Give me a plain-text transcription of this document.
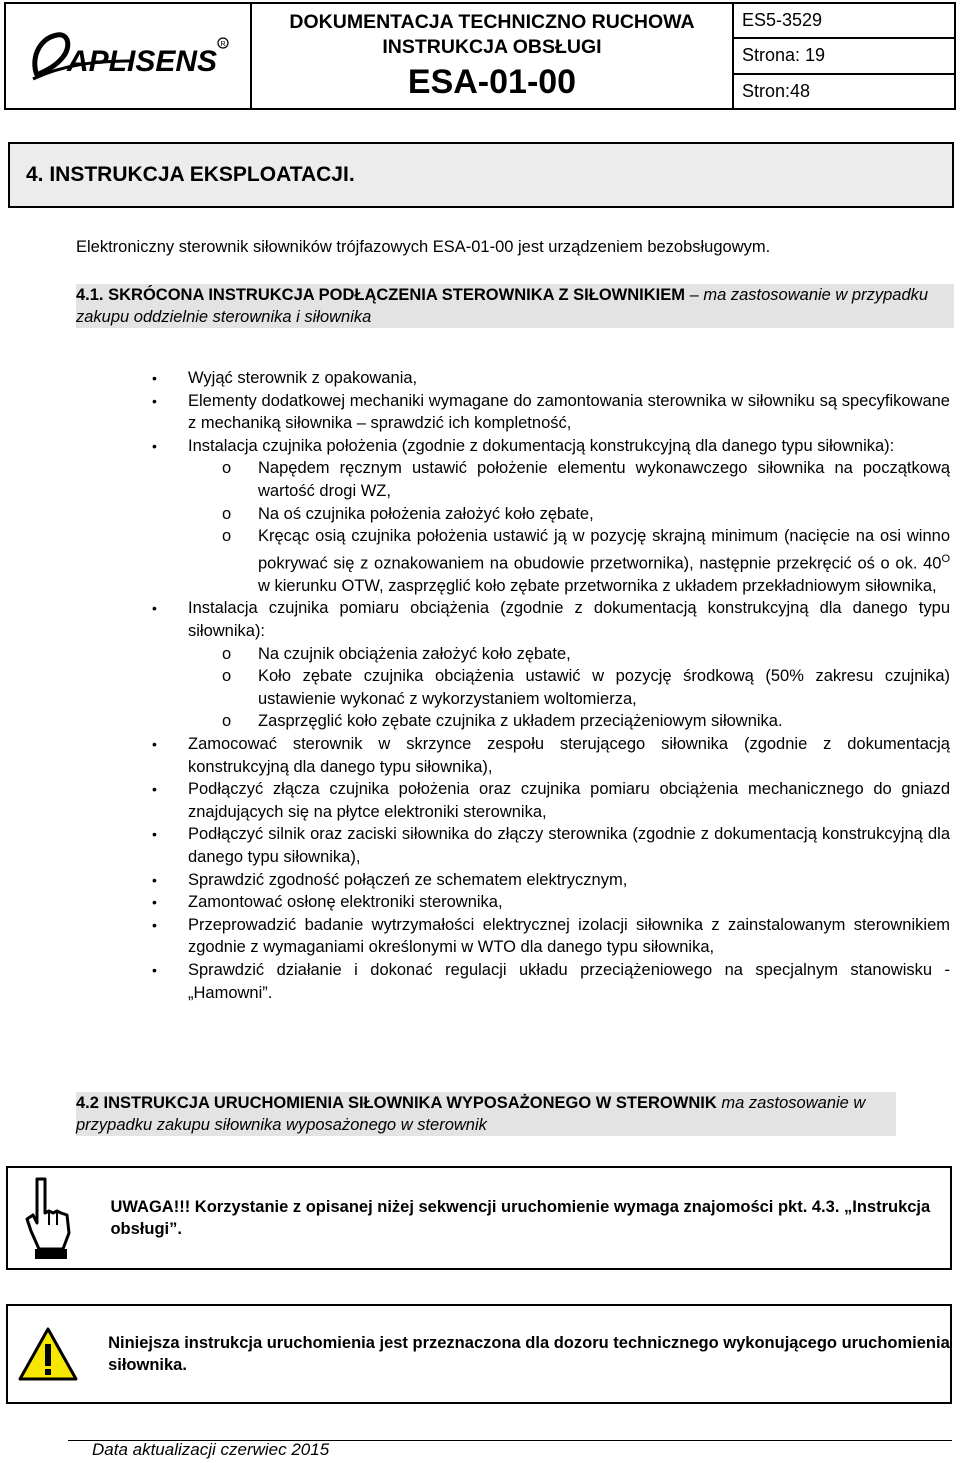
APLISENS
R
DOKUMENTACJA TECHNICZNO RUCHOWA
INSTRUKCJA OBSŁUGI
ESA-01-00
ES5-3529
Strona: 19
Stron:48
4. INSTRUKCJA EKSPLOATACJI.
Elektroniczny sterownik siłowników trójfazowych ESA-01-00 jest urządzeniem bezobsługowym.
4.1. SKRÓCONA INSTRUKCJA PODŁĄCZENIA STEROWNIKA Z SIŁOWNIKIEM – ma zastosowanie w przypadku zakupu oddzielnie sterownika i siłownika
• Wyjąć sterownik z opakowania,
• Elementy dodatkowej mechaniki wymagane do zamontowania sterownika w siłowniku są specyfikowane z mechaniką siłownika – sprawdzić ich kompletność,
• Instalacja czujnika położenia (zgodnie z dokumentacją konstrukcyjną dla danego typu siłownika):
o Napędem ręcznym ustawić położenie elementu wykonawczego siłownika na początkową wartość drogi WZ,
o Na oś czujnika położenia założyć koło zębate,
o Kręcąc osią czujnika położenia ustawić ją w pozycję skrajną minimum (nacięcie na osi winno pokrywać się z oznakowaniem na obudowie przetwornika), następnie przekręcić oś o ok. $40^O$ w kierunku OTW, zasprzęglić koło zębate przetwornika z układem przekładniowym siłownika,
• Instalacja czujnika pomiaru obciążenia (zgodnie z dokumentacją konstrukcyjną dla danego typu siłownika):
o Na czujnik obciążenia założyć koło zębate,
o Koło zębate czujnika obciążenia ustawić w pozycję środkową (50% zakresu czujnika) ustawienie wykonać z wykorzystaniem woltomierza,
o Zasprzęglić koło zębate czujnika z układem przeciążeniowym siłownika.
• Zamocować sterownik w skrzynce zespołu sterującego siłownika (zgodnie z dokumentacją konstrukcyjną dla danego typu siłownika),
• Podłączyć złącza czujnika położenia oraz czujnika pomiaru obciążenia mechanicznego do gniazd znajdujących się na płytce elektroniki sterownika,
• Podłączyć silnik oraz zaciski siłownika do złączy sterownika (zgodnie z dokumentacją konstrukcyjną dla danego typu siłownika),
• Sprawdzić zgodność połączeń ze schematem elektrycznym,
• Zamontować osłonę elektroniki sterownika,
• Przeprowadzić badanie wytrzymałości elektrycznej izolacji siłownika z zainstalowanym sterownikiem zgodnie z wymaganiami określonymi w WTO dla danego typu siłownika,
• Sprawdzić działanie i dokonać regulacji układu przeciążeniowego na specjalnym stanowisku - „Hamowni”.
4.2 INSTRUKCJA URUCHOMIENIA SIŁOWNIKA WYPOSAŻONEGO W STEROWNIK ma zastosowanie w przypadku zakupu siłownika wyposażonego w sterownik
UWAGA!!! Korzystanie z opisanej niżej sekwencji uruchomienie wymaga znajomości pkt. 4.3. „Instrukcja obsługi”.
Niniejsza instrukcja uruchomienia jest przeznaczona dla dozoru technicznego wykonującego uruchomienia siłownika.
Data aktualizacji czerwiec 2015
